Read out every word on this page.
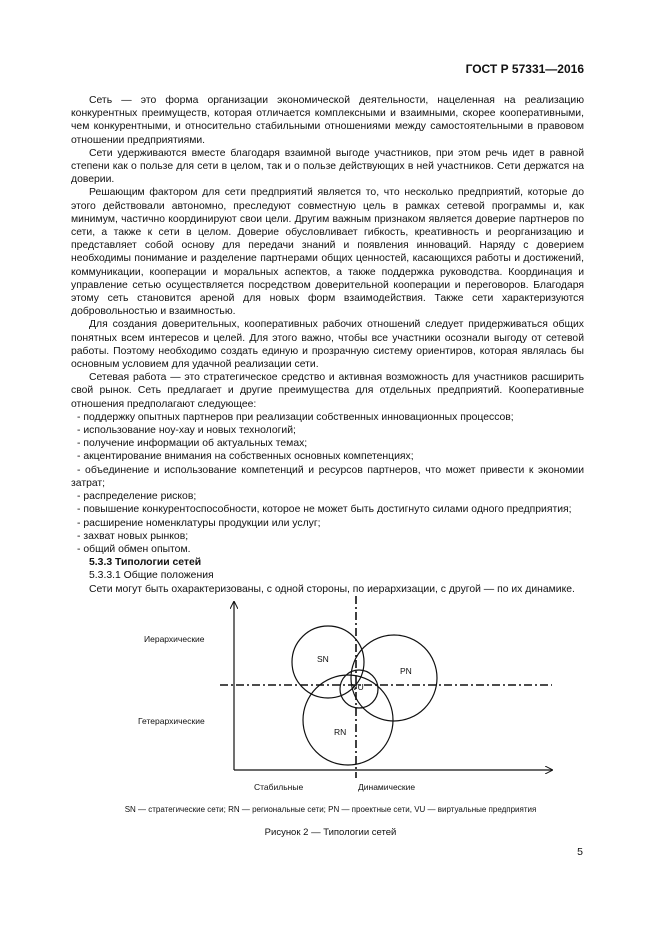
ГОСТ Р 57331—2016

Сеть — это форма организации экономической деятельности, нацеленная на реализацию конкурентных преимуществ, которая отличается комплексными и взаимными, скорее кооперативными, чем конкурентными, и относительно стабильными отношениями между самостоятельными в правовом отношении предприятиями.

Сети удерживаются вместе благодаря взаимной выгоде участников, при этом речь идет в равной степени как о пользе для сети в целом, так и о пользе действующих в ней участников. Сети держатся на доверии.

Решающим фактором для сети предприятий является то, что несколько предприятий, которые до этого действовали автономно, преследуют совместную цель в рамках сетевой программы и, как минимум, частично координируют свои цели. Другим важным признаком является доверие партнеров по сети, а также к сети в целом. Доверие обусловливает гибкость, креативность и реорганизацию и представляет собой основу для передачи знаний и появления инноваций. Наряду с доверием необходимы понимание и разделение партнерами общих ценностей, касающихся работы и достижений, коммуникации, кооперации и моральных аспектов, а также поддержка руководства. Координация и управление сетью осуществляется посредством доверительной кооперации и переговоров. Благодаря этому сеть становится ареной для новых форм взаимодействия. Также сети характеризуются добровольностью и взаимностью.

Для создания доверительных, кооперативных рабочих отношений следует придерживаться общих понятных всем интересов и целей. Для этого важно, чтобы все участники осознали выгоду от сетевой работы. Поэтому необходимо создать единую и прозрачную систему ориентиров, которая являлась бы основным условием для удачной реализации сети.

Сетевая работа — это стратегическое средство и активная возможность для участников расширить свой рынок. Сеть предлагает и другие преимущества для отдельных предприятий. Кооперативные отношения предполагают следующее:

- поддержку опытных партнеров при реализации собственных инновационных процессов;

- использование ноу-хау и новых технологий;

- получение информации об актуальных темах;

- акцентирование внимания на собственных основных компетенциях;

- объединение и использование компетенций и ресурсов партнеров, что может привести к экономии затрат;

- распределение рисков;

- повышение конкурентоспособности, которое не может быть достигнуто силами одного предприятия;

- расширение номенклатуры продукции или услуг;

- захват новых рынков;

- общий обмен опытом.

5.3.3 Типологии сетей

5.3.3.1 Общие положения

Сети могут быть охарактеризованы, с одной стороны, по иерархизации, с другой — по их динамике.

Иерархические
Гетерархические
Стабильные	Динамические
SN
PN
RN
VU
SN — стратегические сети; RN — региональные сети; PN — проектные сети, VU — виртуальные предприятия
Рисунок 2 — Типологии сетей
5
